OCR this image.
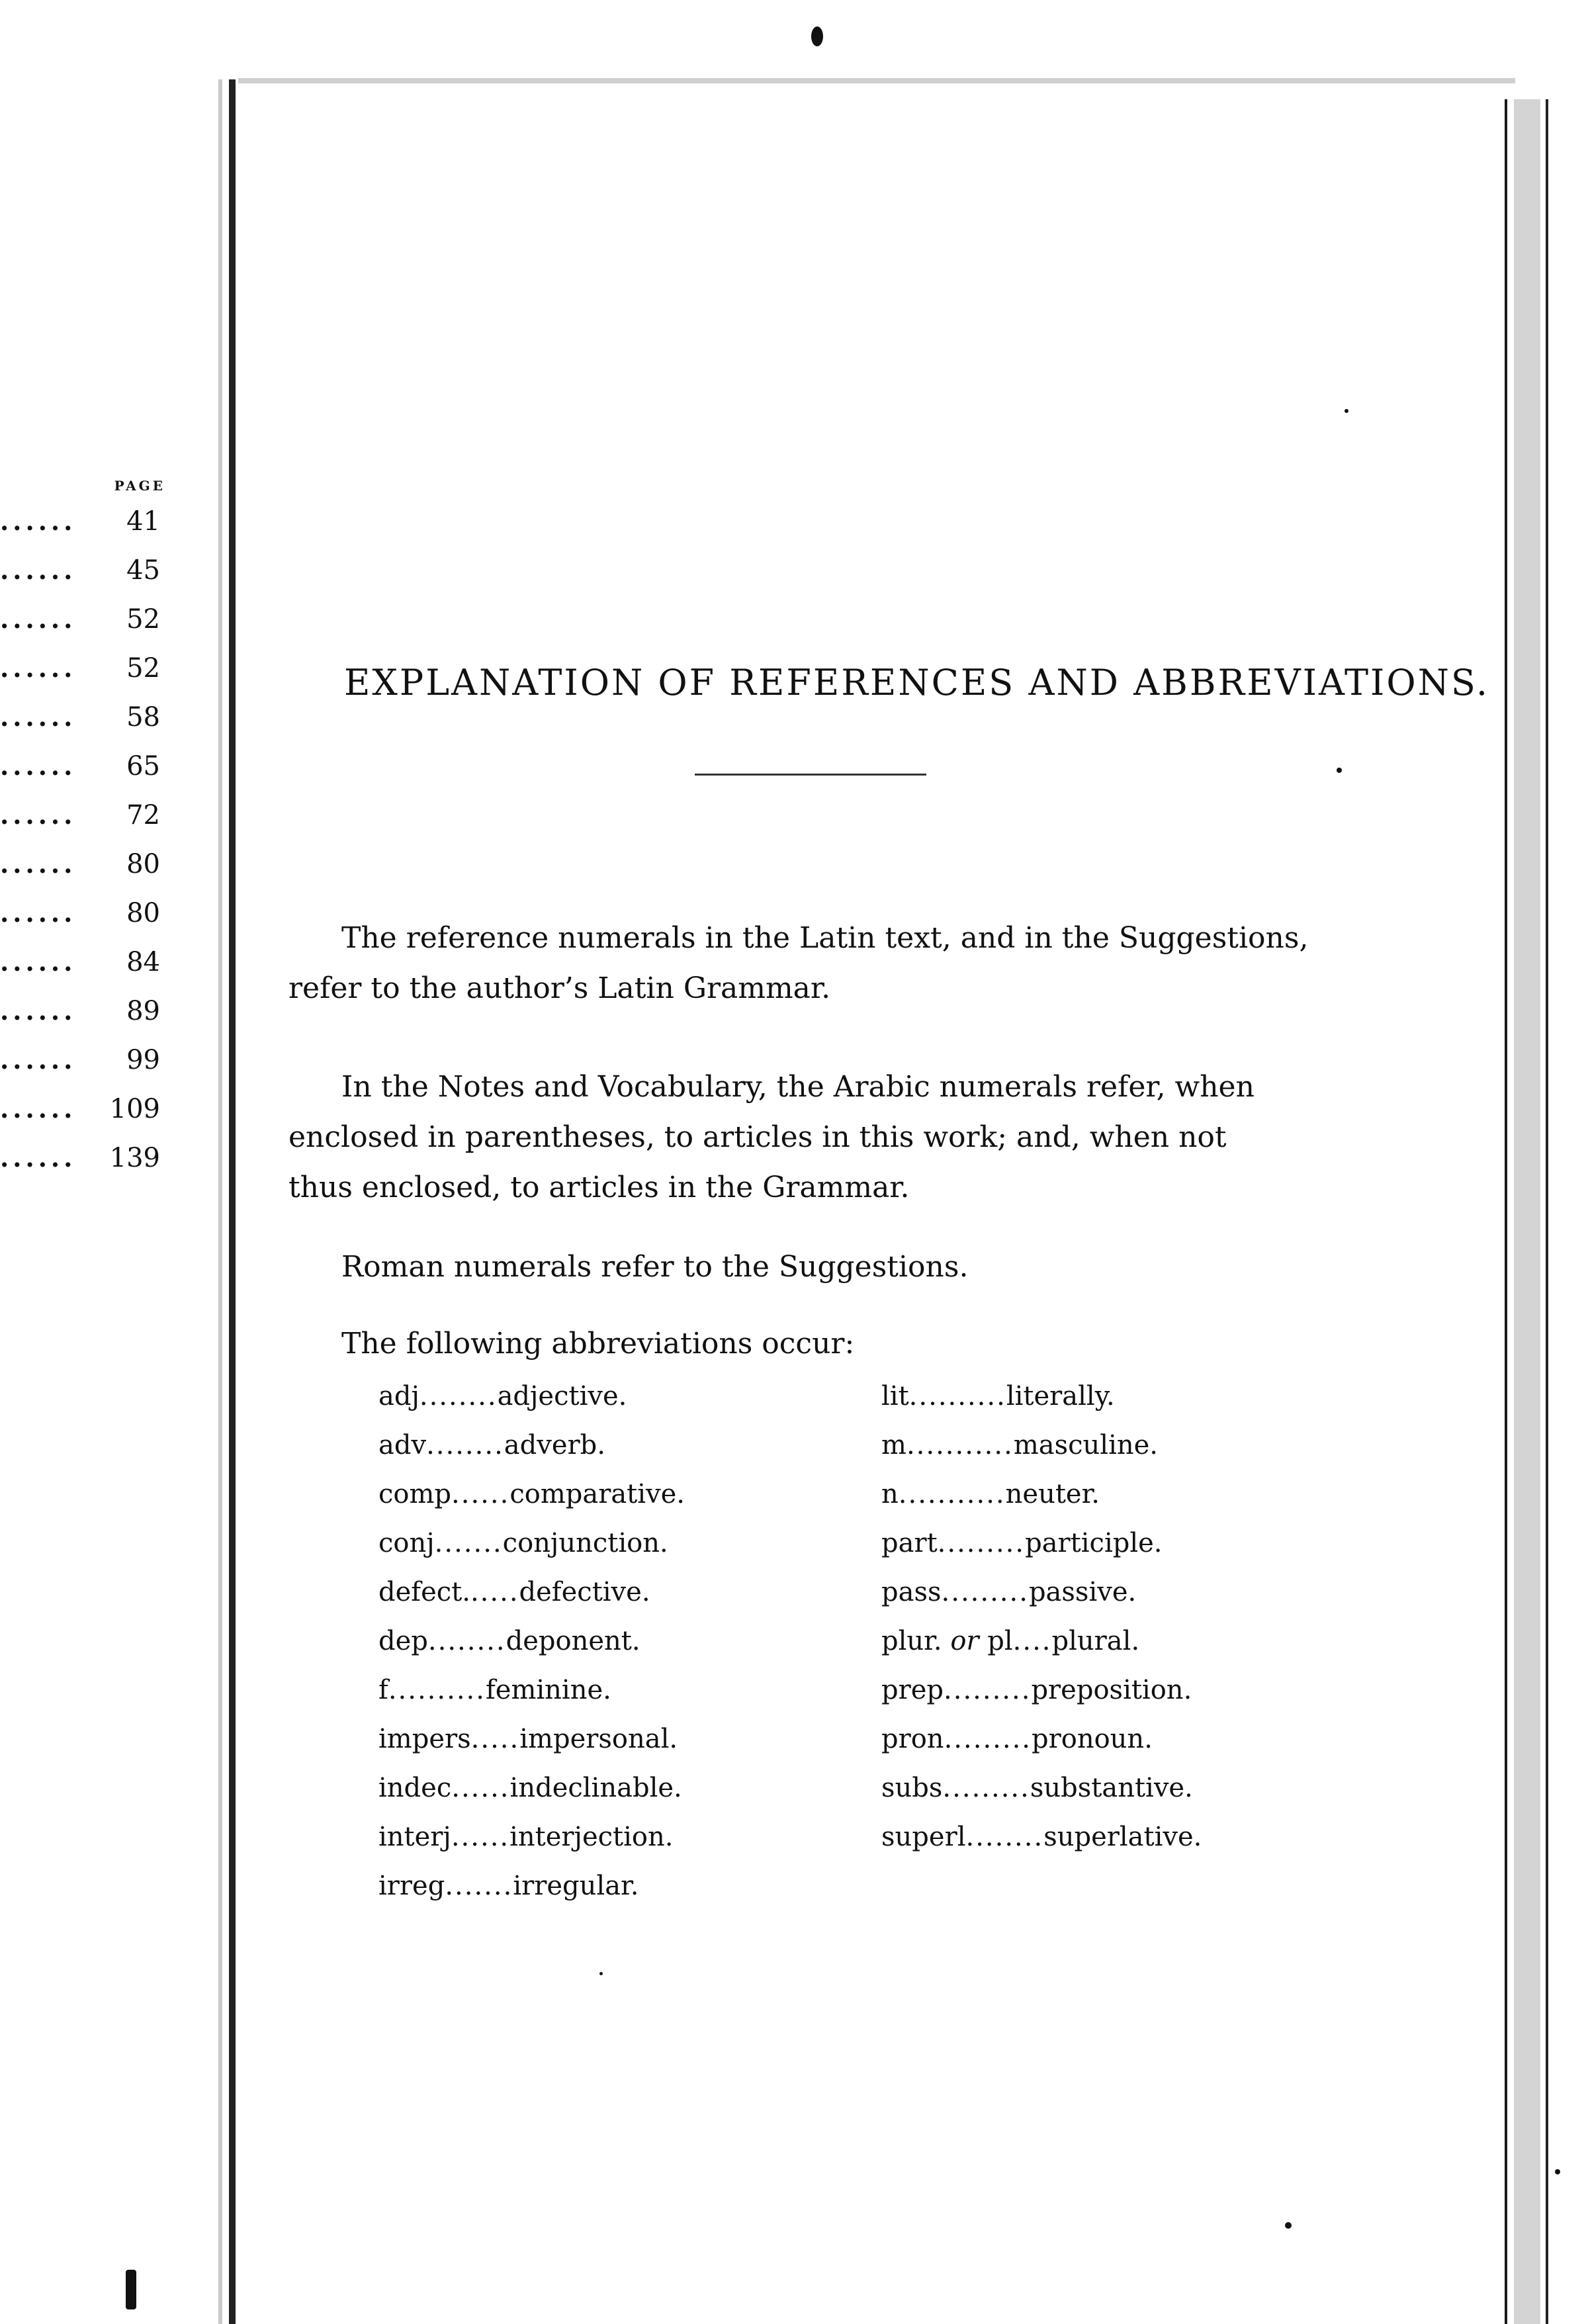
PAGE
......	41
......	45
......	52
......	52
......	58
......	65
......	72
......	80
......	80
......	84
......	89
......	99
......	109
......	139
EXPLANATION OF REFERENCES AND ABBREVIATIONS.
The reference numerals in the Latin text, and in the Suggestions,
refer to the author’s Latin Grammar.
In the Notes and Vocabulary, the Arabic numerals refer, when
enclosed in parentheses, to articles in this work; and, when not
thus enclosed, to articles in the Grammar.
Roman numerals refer to the Suggestions.
The following abbreviations occur:
adj........adjective.
adv........adverb.
comp......comparative.
conj.......conjunction.
defect......defective.
dep........deponent.
f..........feminine.
impers.....impersonal.
indec......indeclinable.
interj......interjection.
irreg.......irregular.
lit..........literally.
m...........masculine.
n...........neuter.
part.........participle.
pass.........passive.
plur. or pl....plural.
prep.........preposition.
pron.........pronoun.
subs.........substantive.
superl........superlative.
